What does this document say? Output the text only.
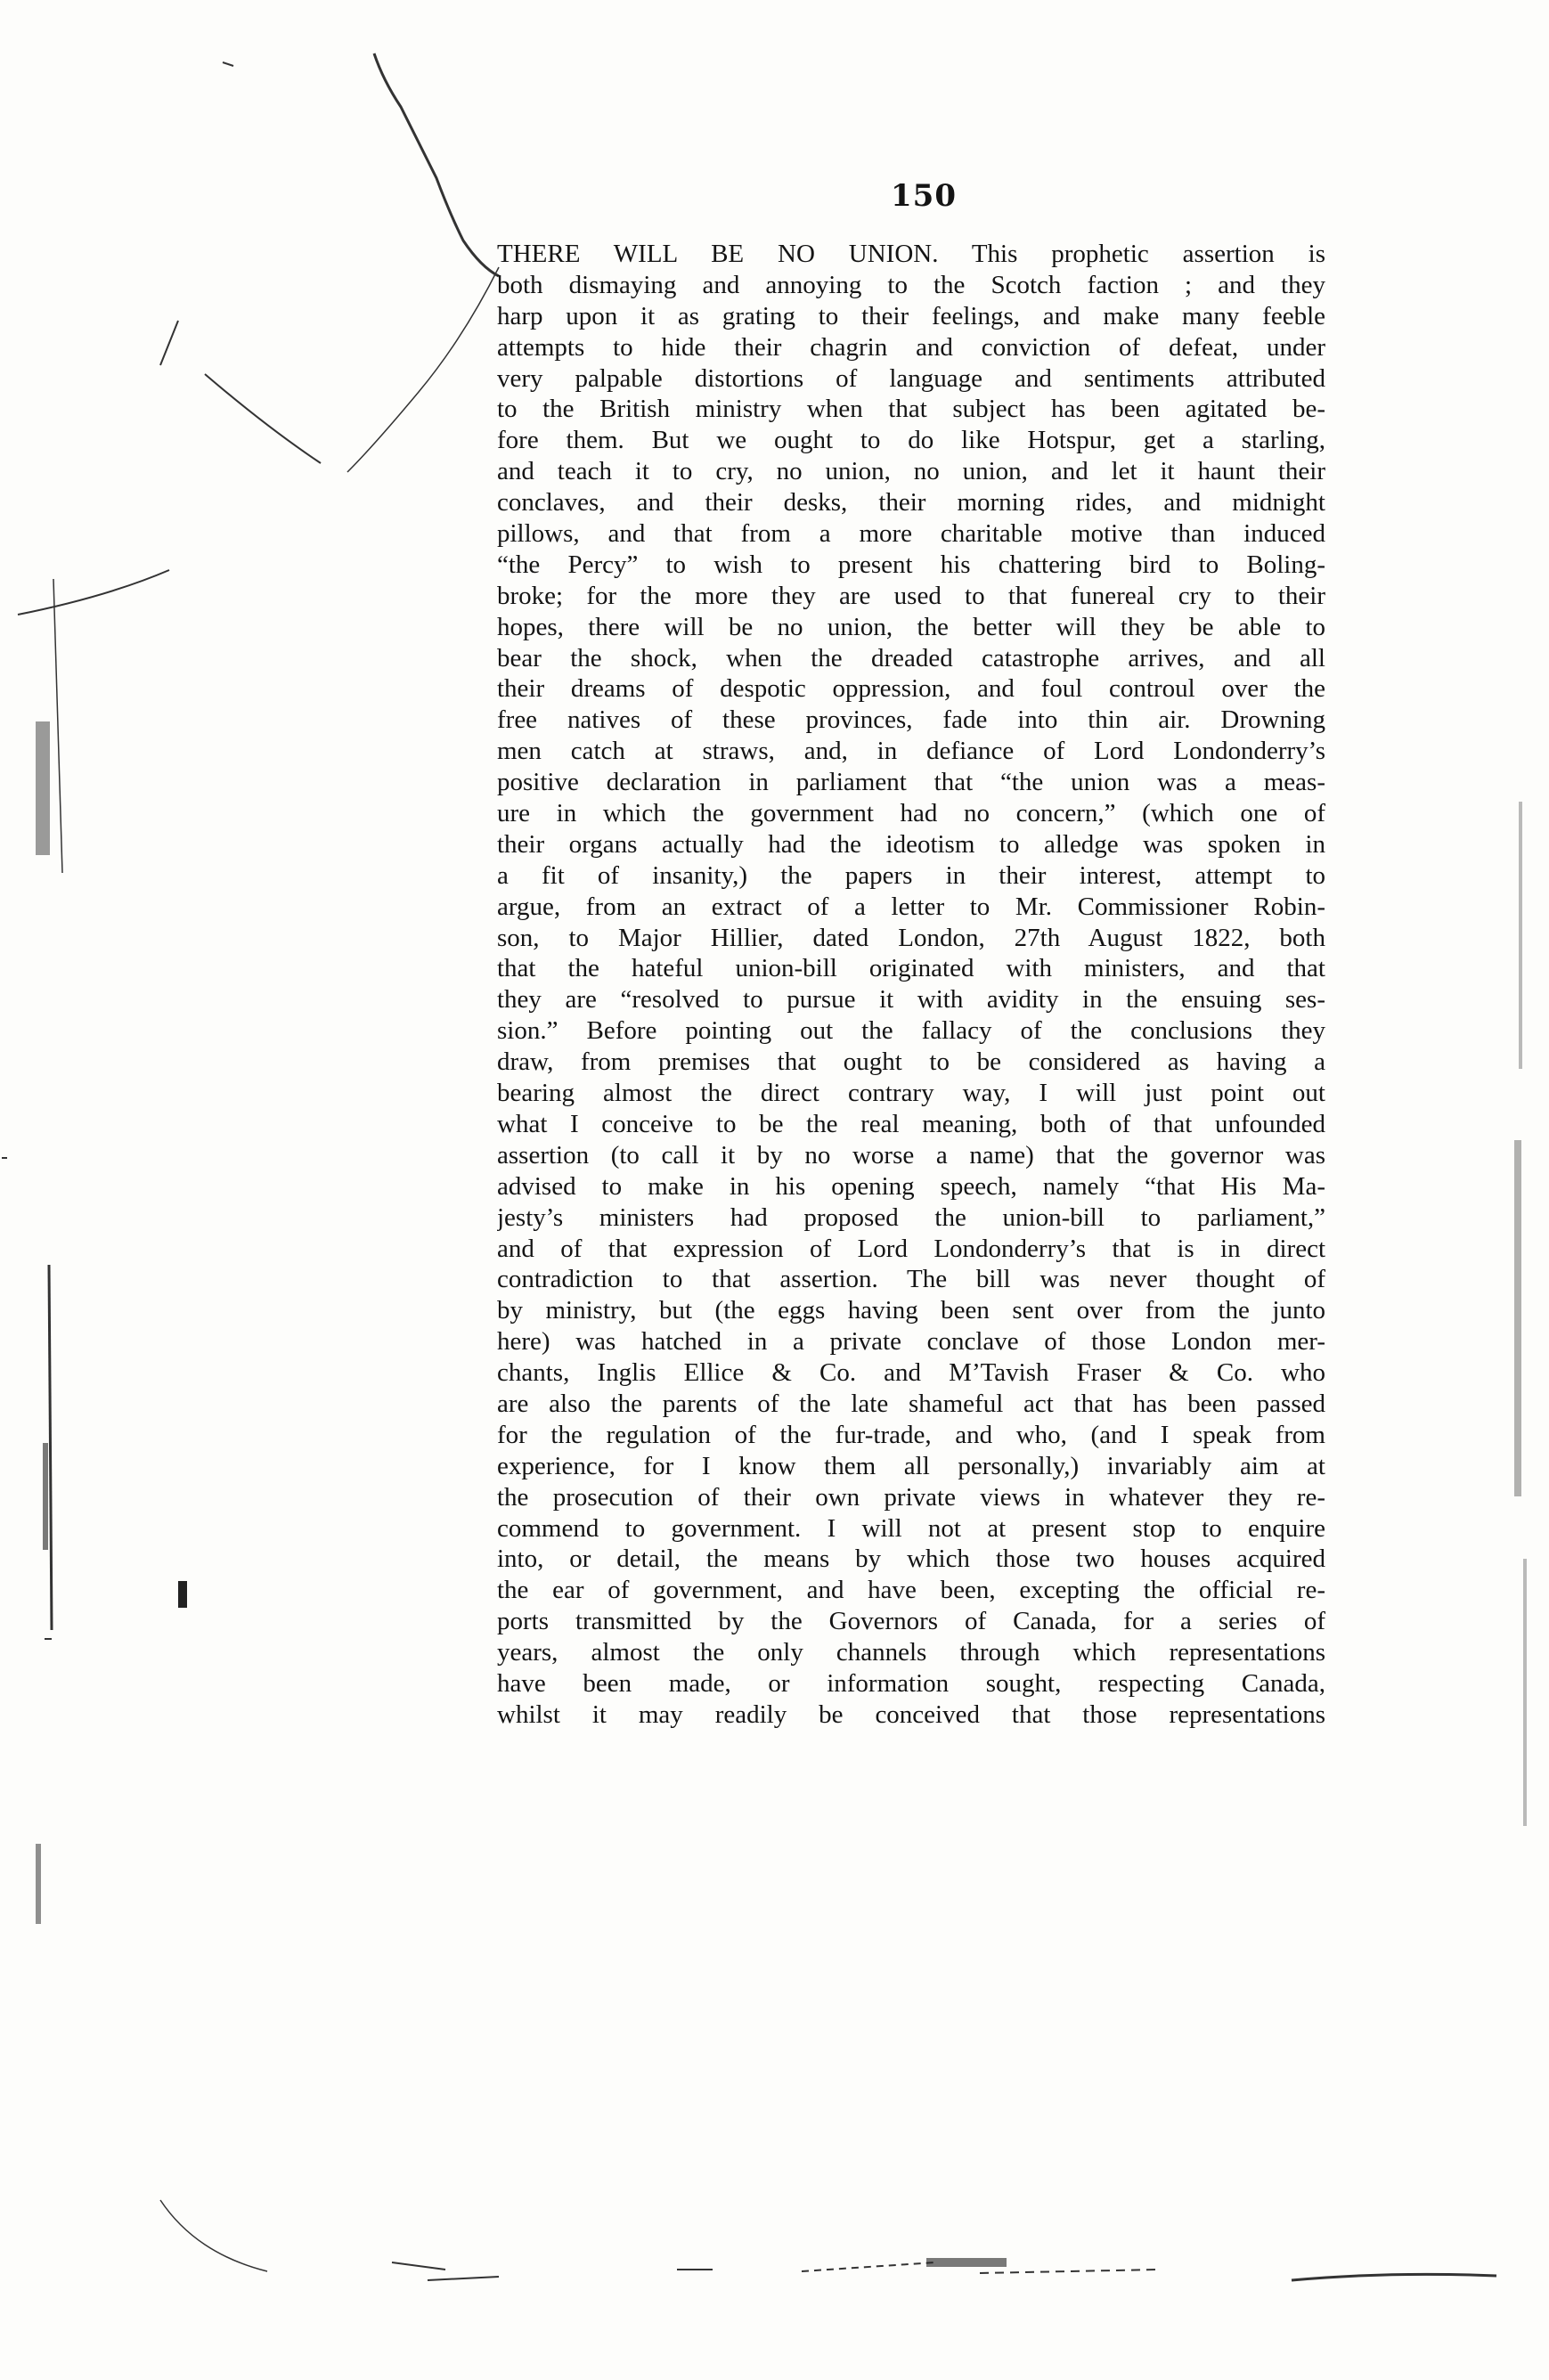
150
THERE WILL BE NO UNION. This prophetic assertion is
both dismaying and annoying to the Scotch faction ; and they
harp upon it as grating to their feelings, and make many feeble
attempts to hide their chagrin and conviction of defeat, under
very palpable distortions of language and sentiments attributed
to the British ministry when that subject has been agitated be-
fore them. But we ought to do like Hotspur, get a starling,
and teach it to cry, no union, no union, and let it haunt their
conclaves, and their desks, their morning rides, and midnight
pillows, and that from a more charitable motive than induced
“the Percy” to wish to present his chattering bird to Boling-
broke; for the more they are used to that funereal cry to their
hopes, there will be no union, the better will they be able to
bear the shock, when the dreaded catastrophe arrives, and all
their dreams of despotic oppression, and foul controul over the
free natives of these provinces, fade into thin air. Drowning
men catch at straws, and, in defiance of Lord Londonderry’s
positive declaration in parliament that “the union was a meas-
ure in which the government had no concern,” (which one of
their organs actually had the ideotism to alledge was spoken in
a fit of insanity,) the papers in their interest, attempt to
argue, from an extract of a letter to Mr. Commissioner Robin-
son, to Major Hillier, dated London, 27th August 1822, both
that the hateful union-bill originated with ministers, and that
they are “resolved to pursue it with avidity in the ensuing ses-
sion.” Before pointing out the fallacy of the conclusions they
draw, from premises that ought to be considered as having a
bearing almost the direct contrary way, I will just point out
what I conceive to be the real meaning, both of that unfounded
assertion (to call it by no worse a name) that the governor was
advised to make in his opening speech, namely “that His Ma-
jesty’s ministers had proposed the union-bill to parliament,”
and of that expression of Lord Londonderry’s that is in direct
contradiction to that assertion. The bill was never thought of
by ministry, but (the eggs having been sent over from the junto
here) was hatched in a private conclave of those London mer-
chants, Inglis Ellice & Co. and M’Tavish Fraser & Co. who
are also the parents of the late shameful act that has been passed
for the regulation of the fur-trade, and who, (and I speak from
experience, for I know them all personally,) invariably aim at
the prosecution of their own private views in whatever they re-
commend to government. I will not at present stop to enquire
into, or detail, the means by which those two houses acquired
the ear of government, and have been, excepting the official re-
ports transmitted by the Governors of Canada, for a series of
years, almost the only channels through which representations
have been made, or information sought, respecting Canada,
whilst it may readily be conceived that those representations
